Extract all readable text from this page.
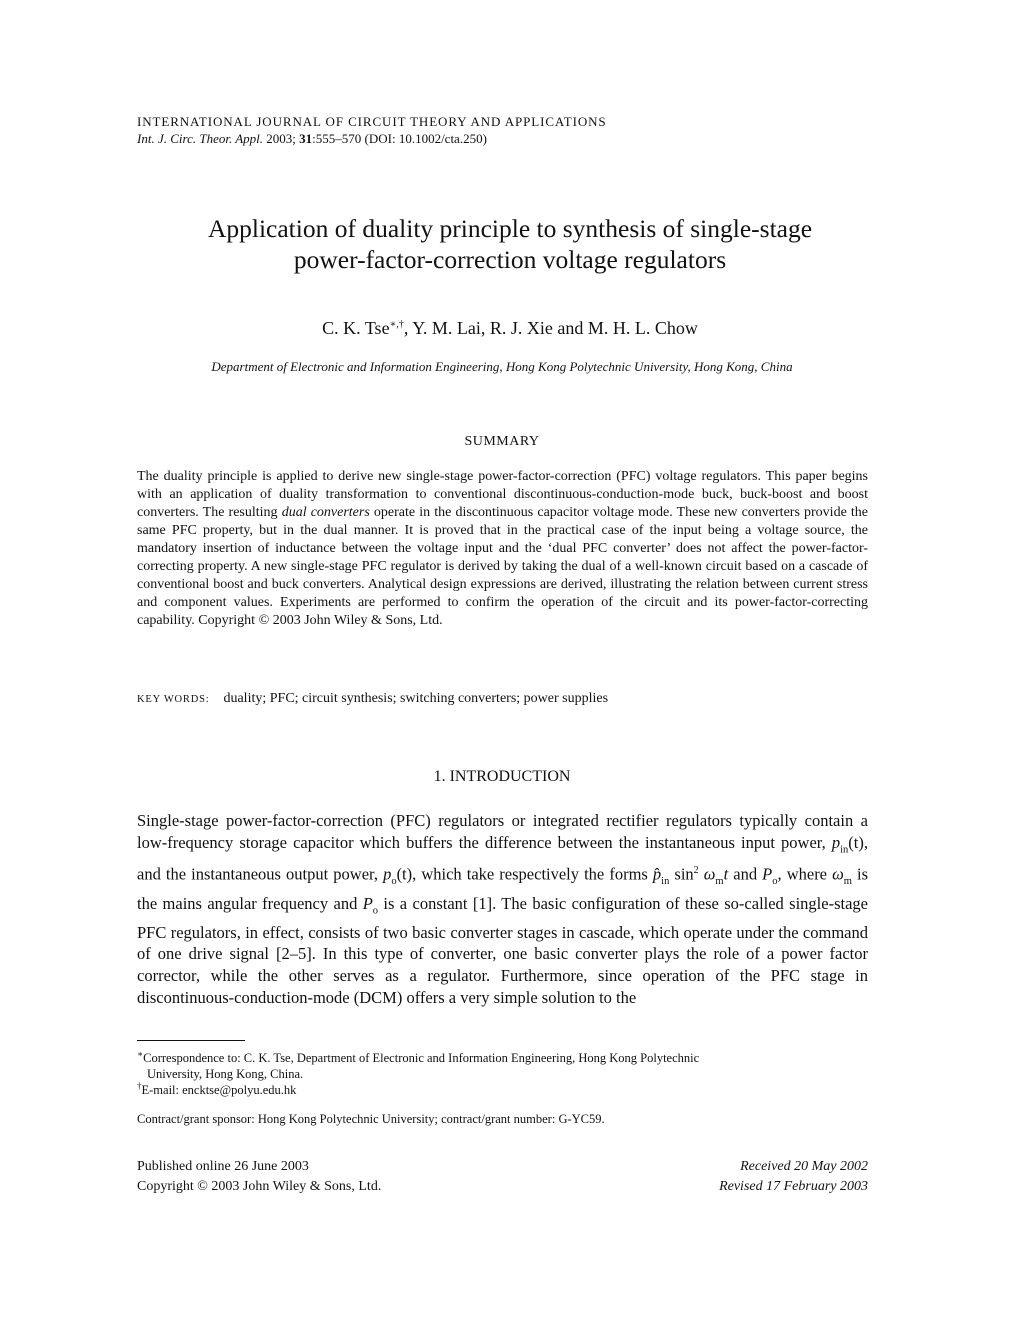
INTERNATIONAL JOURNAL OF CIRCUIT THEORY AND APPLICATIONS
Int. J. Circ. Theor. Appl. 2003; 31:555–570 (DOI: 10.1002/cta.250)
Application of duality principle to synthesis of single-stage
power-factor-correction voltage regulators
C. K. Tse∗,†, Y. M. Lai, R. J. Xie and M. H. L. Chow
Department of Electronic and Information Engineering, Hong Kong Polytechnic University, Hong Kong, China
SUMMARY
The duality principle is applied to derive new single-stage power-factor-correction (PFC) voltage regulators. This paper begins with an application of duality transformation to conventional discontinuous-conduction-mode buck, buck-boost and boost converters. The resulting dual converters operate in the discontinuous capacitor voltage mode. These new converters provide the same PFC property, but in the dual manner. It is proved that in the practical case of the input being a voltage source, the mandatory insertion of inductance between the voltage input and the ‘dual PFC converter’ does not affect the power-factor-correcting property. A new single-stage PFC regulator is derived by taking the dual of a well-known circuit based on a cascade of conventional boost and buck converters. Analytical design expressions are derived, illustrating the relation between current stress and component values. Experiments are performed to confirm the operation of the circuit and its power-factor-correcting capability. Copyright © 2003 John Wiley & Sons, Ltd.
KEY WORDS: duality; PFC; circuit synthesis; switching converters; power supplies
1. INTRODUCTION
Single-stage power-factor-correction (PFC) regulators or integrated rectifier regulators typically contain a low-frequency storage capacitor which buffers the difference between the instantaneous input power, $p_{in}(t)$, and the instantaneous output power, $p_o(t)$, which take respectively the forms $p̂_{in}$ $\sin^2 \omega_mt$ and $P_o$, where $\omega_m$ is the mains angular frequency and $P_o$ is a constant [1]. The basic configuration of these so-called single-stage PFC regulators, in effect, consists of two basic converter stages in cascade, which operate under the command of one drive signal [2–5]. In this type of converter, one basic converter plays the role of a power factor corrector, while the other serves as a regulator. Furthermore, since operation of the PFC stage in discontinuous-conduction-mode (DCM) offers a very simple solution to the
∗Correspondence to: C. K. Tse, Department of Electronic and Information Engineering, Hong Kong Polytechnic
University, Hong Kong, China.
†E-mail: encktse@polyu.edu.hk
Contract/grant sponsor: Hong Kong Polytechnic University; contract/grant number: G-YC59.
Published online 26 June 2003	Received 20 May 2002
Copyright © 2003 John Wiley & Sons, Ltd.	Revised 17 February 2003
